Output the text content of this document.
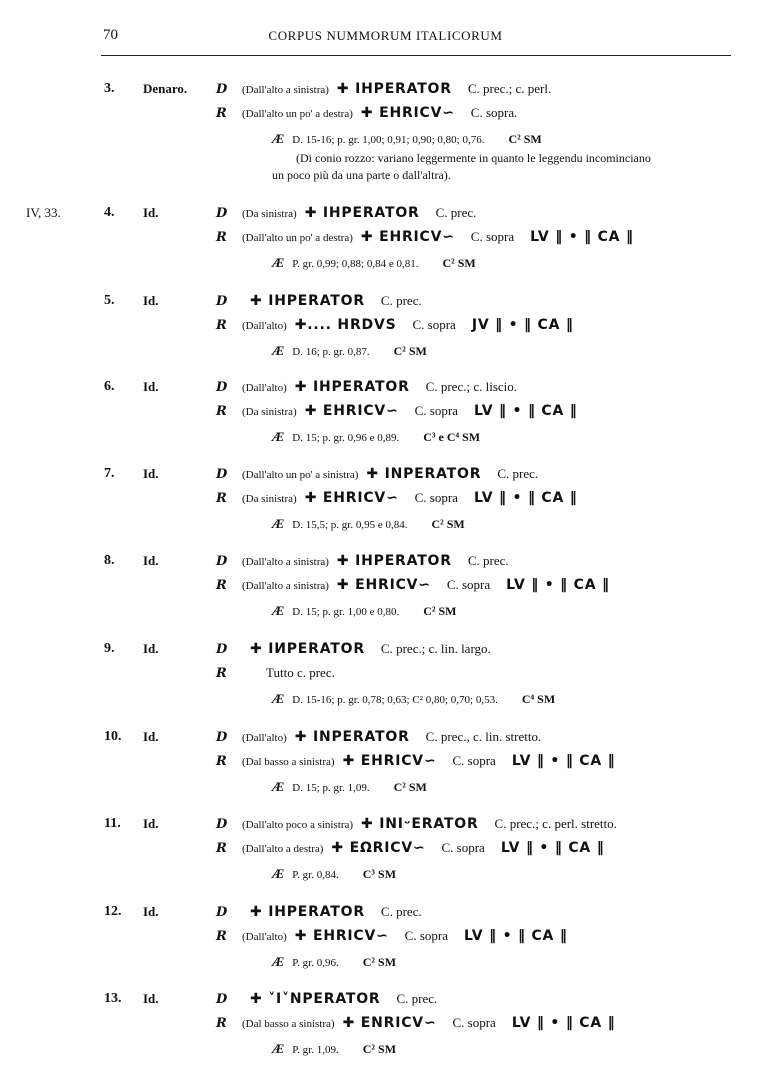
70	CORPUS NUMMORUM ITALICORUM
3. Denaro. D (Dall'alto a sinistra) ✚ IHPERATOR C. prec.; c. perl.
R (Dall'alto un po' a destra) ✚ EHRICV∽ C. sopra.
Æ D. 15-16; p. gr. 1,00; 0,91; 0,90; 0,80; 0,76. C² SM
(Di conio rozzo: variano leggermente in quanto le leggendu incominciano
un poco più da una parte o dall'altra).
IV, 33.	4. Id.	D (Da sinistra) ✚ IHPERATOR C. prec.
R (Dall'alto un po' a destra) ✚ EHRICV∽ C. sopra LV ‖ • ‖ CA ‖
Æ P. gr. 0,99; 0,88; 0,84 e 0,81. C² SM
5. Id.	D ✚ IHPERATOR C. prec.
R (Dall'alto) ✚.... HRDVS C. sopra JV ‖ • ‖ CA ‖
Æ D. 16; p. gr. 0,87. C² SM
6. Id.	D (Dall'alto) ✚ IHPERATOR C. prec.; c. liscio.
R (Da sinistra) ✚ EHRICV∽ C. sopra LV ‖ • ‖ CA ‖
Æ D. 15; p. gr. 0,96 e 0,89. C³ e C⁴ SM
7. Id.	D (Dall'alto un po' a sinistra) ✚ INPERATOR C. prec.
R (Da sinistra) ✚ EHRICV∽ C. sopra LV ‖ • ‖ CA ‖
Æ D. 15,5; p. gr. 0,95 e 0,84. C² SM
8. Id.	D (Dall'alto a sinistra) ✚ IHPERATOR C. prec.
R (Dall'alto a sinistra) ✚ EHRICV∽ C. sopra LV ‖ • ‖ CA ‖
Æ D. 15; p. gr. 1,00 e 0,80. C² SM
9. Id.	D ✚ IИPERATOR C. prec.; c. lin. largo.
R	Tutto c. prec.
Æ D. 15-16; p. gr. 0,78; 0,63; C² 0,80; 0,70; 0,53. C⁴ SM
10. Id.	D (Dall'alto) ✚ INPERATOR C. prec., c. lin. stretto.
R (Dal basso a sinistra) ✚ EHRICV∽ C. sopra LV ‖ • ‖ CA ‖
Æ D. 15; p. gr. 1,09. C² SM
11. Id.	D (Dall'alto poco a sinistra) ✚ INIᵕERATOR C. prec.; c. perl. stretto.
R (Dall'alto a destra) ✚ EΩRICV∽ C. sopra LV ‖ • ‖ CA ‖
Æ P. gr. 0,84. C³ SM
12. Id.	D ✚ IHPERATOR C. prec.
R (Dall'alto) ✚ EHRICV∽ C. sopra LV ‖ • ‖ CA ‖
Æ P. gr. 0,96. C² SM
13. Id.	D ✚ ˅I˅NPERATOR C. prec.
R (Dal basso a sinistra) ✚ ENRICV∽ C. sopra LV ‖ • ‖ CA ‖
Æ P. gr. 1,09. C² SM
